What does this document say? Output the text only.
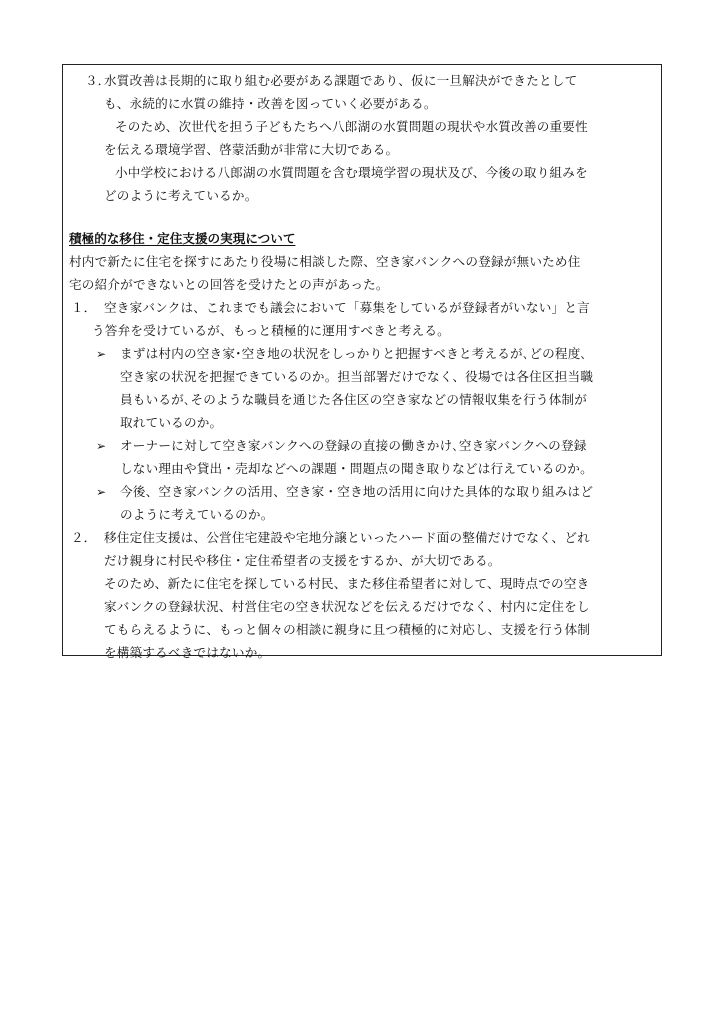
３．
水質改善は長期的に取り組む必要がある課題であり、仮に一旦解決ができたとして
も、永続的に水質の維持・改善を図っていく必要がある。
そのため、次世代を担う子どもたちへ八郎湖の水質問題の現状や水質改善の重要性
を伝える環境学習、啓蒙活動が非常に大切である。
小中学校における八郎湖の水質問題を含む環境学習の現状及び、今後の取り組みを
どのように考えているか。
積極的な移住・定住支援の実現について
村内で新たに住宅を探すにあたり役場に相談した際、空き家バンクへの登録が無いため住
宅の紹介ができないとの回答を受けたとの声があった。
１． 空き家バンクは、これまでも議会において「募集をしているが登録者がいない」と言
う答弁を受けているが、もっと積極的に運用すべきと考える。
➢ まずは村内の空き家･空き地の状況をしっかりと把握すべきと考えるが､どの程度､
空き家の状況を把握できているのか。担当部署だけでなく、役場では各住区担当職
員もいるが､そのような職員を通じた各住区の空き家などの情報収集を行う体制が
取れているのか。
➢ オーナーに対して空き家バンクへの登録の直接の働きかけ､空き家バンクへの登録
しない理由や貸出・売却などへの課題・問題点の聞き取りなどは行えているのか。
➢ 今後、空き家バンクの活用、空き家・空き地の活用に向けた具体的な取り組みはど
のように考えているのか。
２． 移住定住支援は、公営住宅建設や宅地分譲といったハード面の整備だけでなく、どれ
だけ親身に村民や移住・定住希望者の支援をするか、が大切である。
そのため、新たに住宅を探している村民、また移住希望者に対して、現時点での空き
家バンクの登録状況、村営住宅の空き状況などを伝えるだけでなく、村内に定住をし
てもらえるように、もっと個々の相談に親身に且つ積極的に対応し、支援を行う体制
を構築するべきではないか。
